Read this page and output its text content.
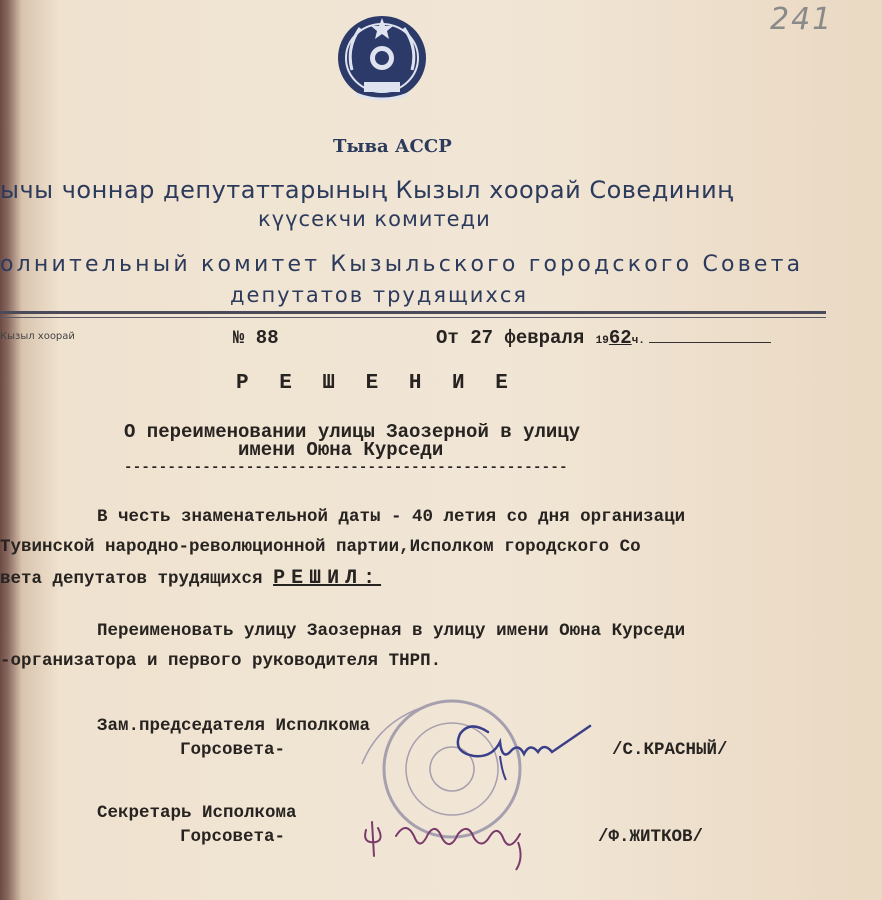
241
Тыва АССР
ычы чоннар депутаттарының Кызыл хоорай Совединиң
күүсекчи комитеди
олнительный комитет Кызыльского городского Совета
депутатов трудящихся
Кызыл хоорай	№ 88	От 27 февраля 1962ч.
Р Е Ш Е Н И Е
О переименовании улицы Заозерной в улицу
имени Оюна Курседи
---------------------------------------------------
В честь знаменательной даты - 40 летия со дня организаци
Тувинской народно-революционной партии,Исполком городского Со
вета депутатов трудящихся РЕШИЛ:
Переименовать улицу Заозерная в улицу имени Оюна Курседи
-организатора и первого руководителя ТНРП.
Зам.председателя Исполкома
Горсовета-	/С.КРАСНЫЙ/
Секретарь Исполкома
Горсовета-	/Ф.ЖИТКОВ/
